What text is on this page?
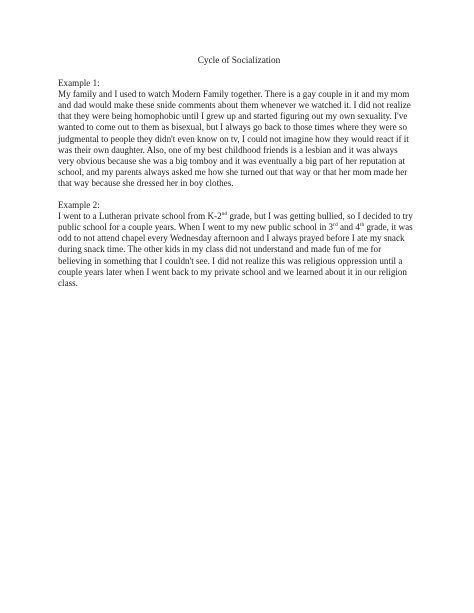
Cycle of Socialization
Example 1:
My family and I used to watch Modern Family together. There is a gay couple in it and my mom
and dad would make these snide comments about them whenever we watched it. I did not realize
that they were being homophobic until I grew up and started figuring out my own sexuality. I've
wanted to come out to them as bisexual, but I always go back to those times where they were so
judgmental to people they didn't even know on tv, I could not imagine how they would react if it
was their own daughter. Also, one of my best childhood friends is a lesbian and it was always
very obvious because she was a big tomboy and it was eventually a big part of her reputation at
school, and my parents always asked me how she turned out that way or that her mom made her
that way because she dressed her in boy clothes.
Example 2:
I went to a Lutheran private school from K-2nd grade, but I was getting bullied, so I decided to try
public school for a couple years. When I went to my new public school in 3rd and 4th grade, it was
odd to not attend chapel every Wednesday afternoon and I always prayed before I ate my snack
during snack time. The other kids in my class did not understand and made fun of me for
believing in something that I couldn't see. I did not realize this was religious oppression until a
couple years later when I went back to my private school and we learned about it in our religion
class.
